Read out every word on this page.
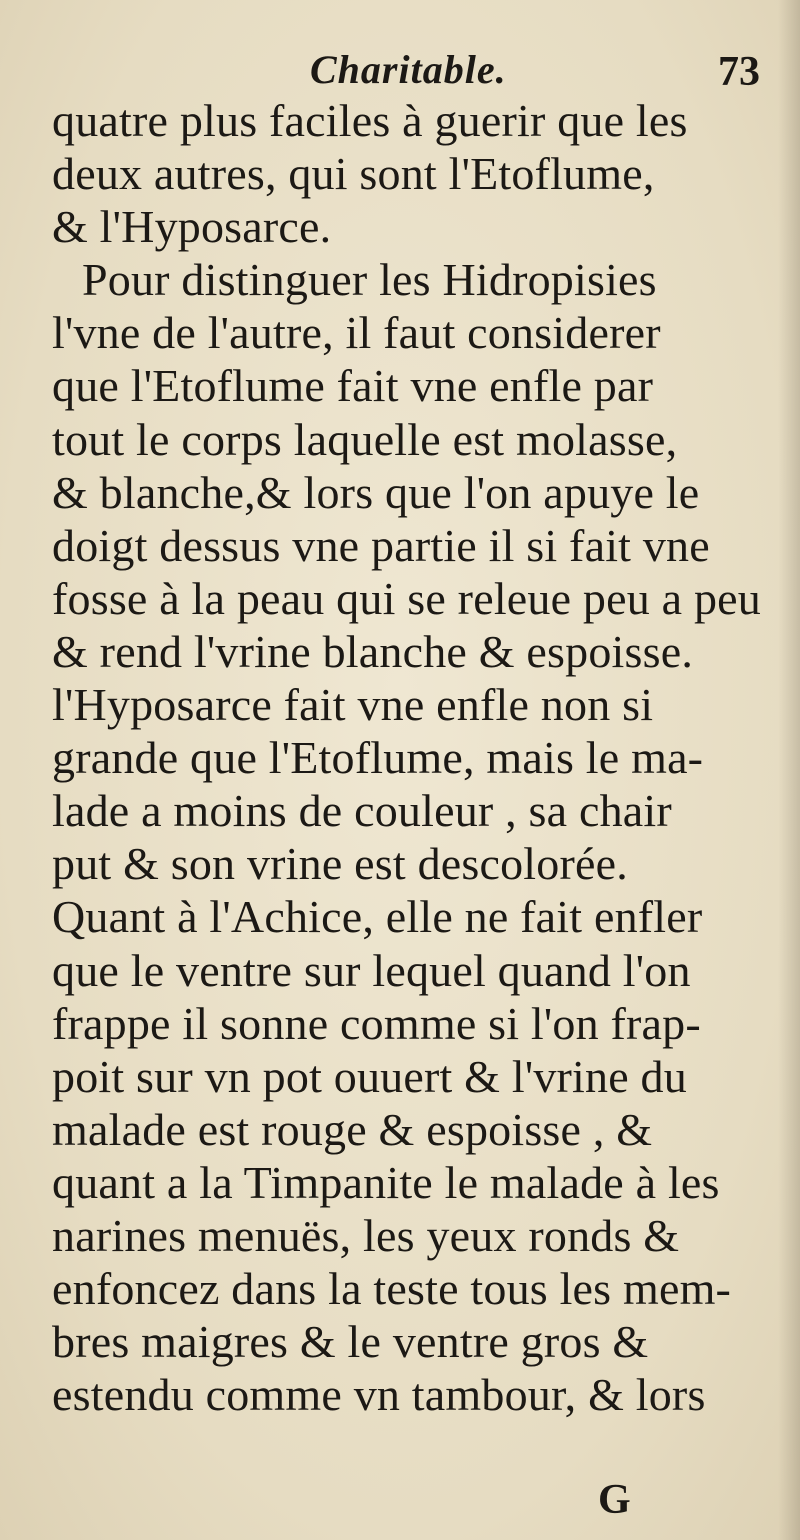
Charitable.	73
quatre plus faciles à guerir que les
deux autres, qui sont l'Etoflume,
& l'Hyposarce.
Pour distinguer les Hidropisies
l'vne de l'autre, il faut considerer
que l'Etoflume fait vne enfle par
tout le corps laquelle est molasse,
& blanche,& lors que l'on apuye le
doigt dessus vne partie il si fait vne
fosse à la peau qui se releue peu a peu
& rend l'vrine blanche & espoisse.
l'Hyposarce fait vne enfle non si
grande que l'Etoflume, mais le ma-
lade a moins de couleur , sa chair
put & son vrine est descolorée.
Quant à l'Achice, elle ne fait enfler
que le ventre sur lequel quand l'on
frappe il sonne comme si l'on frap-
poit sur vn pot ouuert & l'vrine du
malade est rouge & espoisse , &
quant a la Timpanite le malade à les
narines menuës, les yeux ronds &
enfoncez dans la teste tous les mem-
bres maigres & le ventre gros &
estendu comme vn tambour, & lors
G
